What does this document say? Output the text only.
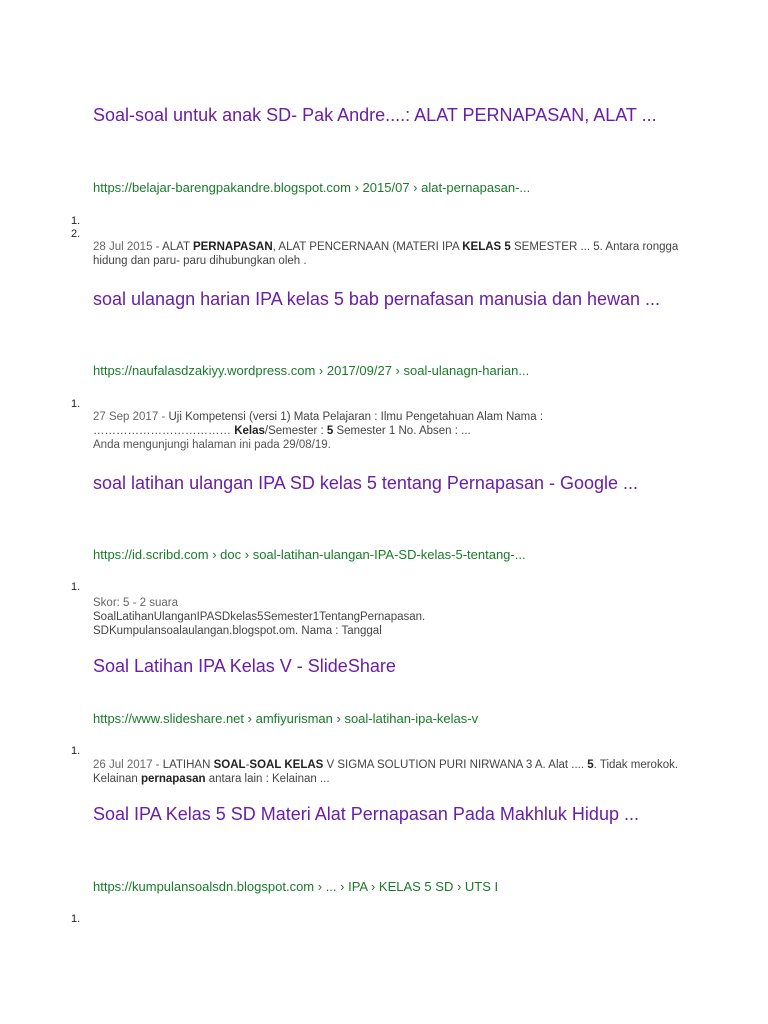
Soal-soal untuk anak SD- Pak Andre....: ALAT PERNAPASAN, ALAT ...
https://belajar-barengpakandre.blogspot.com › 2015/07 › alat-pernapasan-...
1.
2.
28 Jul 2015 - ALAT PERNAPASAN, ALAT PENCERNAAN (MATERI IPA KELAS 5 SEMESTER ... 5. Antara rongga hidung dan paru- paru dihubungkan oleh .
soal ulanagn harian IPA kelas 5 bab pernafasan manusia dan hewan ...
https://naufalasdzakiyy.wordpress.com › 2017/09/27 › soal-ulanagn-harian...
1.
27 Sep 2017 - Uji Kompetensi (versi 1) Mata Pelajaran : Ilmu Pengetahuan Alam Nama : ……………………………… Kelas/Semester : 5 Semester 1 No. Absen : ...
Anda mengunjungi halaman ini pada 29/08/19.
soal latihan ulangan IPA SD kelas 5 tentang Pernapasan - Google ...
https://id.scribd.com › doc › soal-latihan-ulangan-IPA-SD-kelas-5-tentang-...
1.
Skor: 5 - 2 suara
SoalLatihanUlanganIPASDkelas5Semester1TentangPernapasan.
SDKumpulansoalaulangan.blogspot.om. Nama : Tanggal
Soal Latihan IPA Kelas V - SlideShare
https://www.slideshare.net › amfiyurisman › soal-latihan-ipa-kelas-v
1.
26 Jul 2017 - LATIHAN SOAL-SOAL KELAS V SIGMA SOLUTION PURI NIRWANA 3 A. Alat .... 5. Tidak merokok. Kelainan pernapasan antara lain : Kelainan ...
Soal IPA Kelas 5 SD Materi Alat Pernapasan Pada Makhluk Hidup ...
https://kumpulansoalsdn.blogspot.com › ... › IPA › KELAS 5 SD › UTS I
1.
